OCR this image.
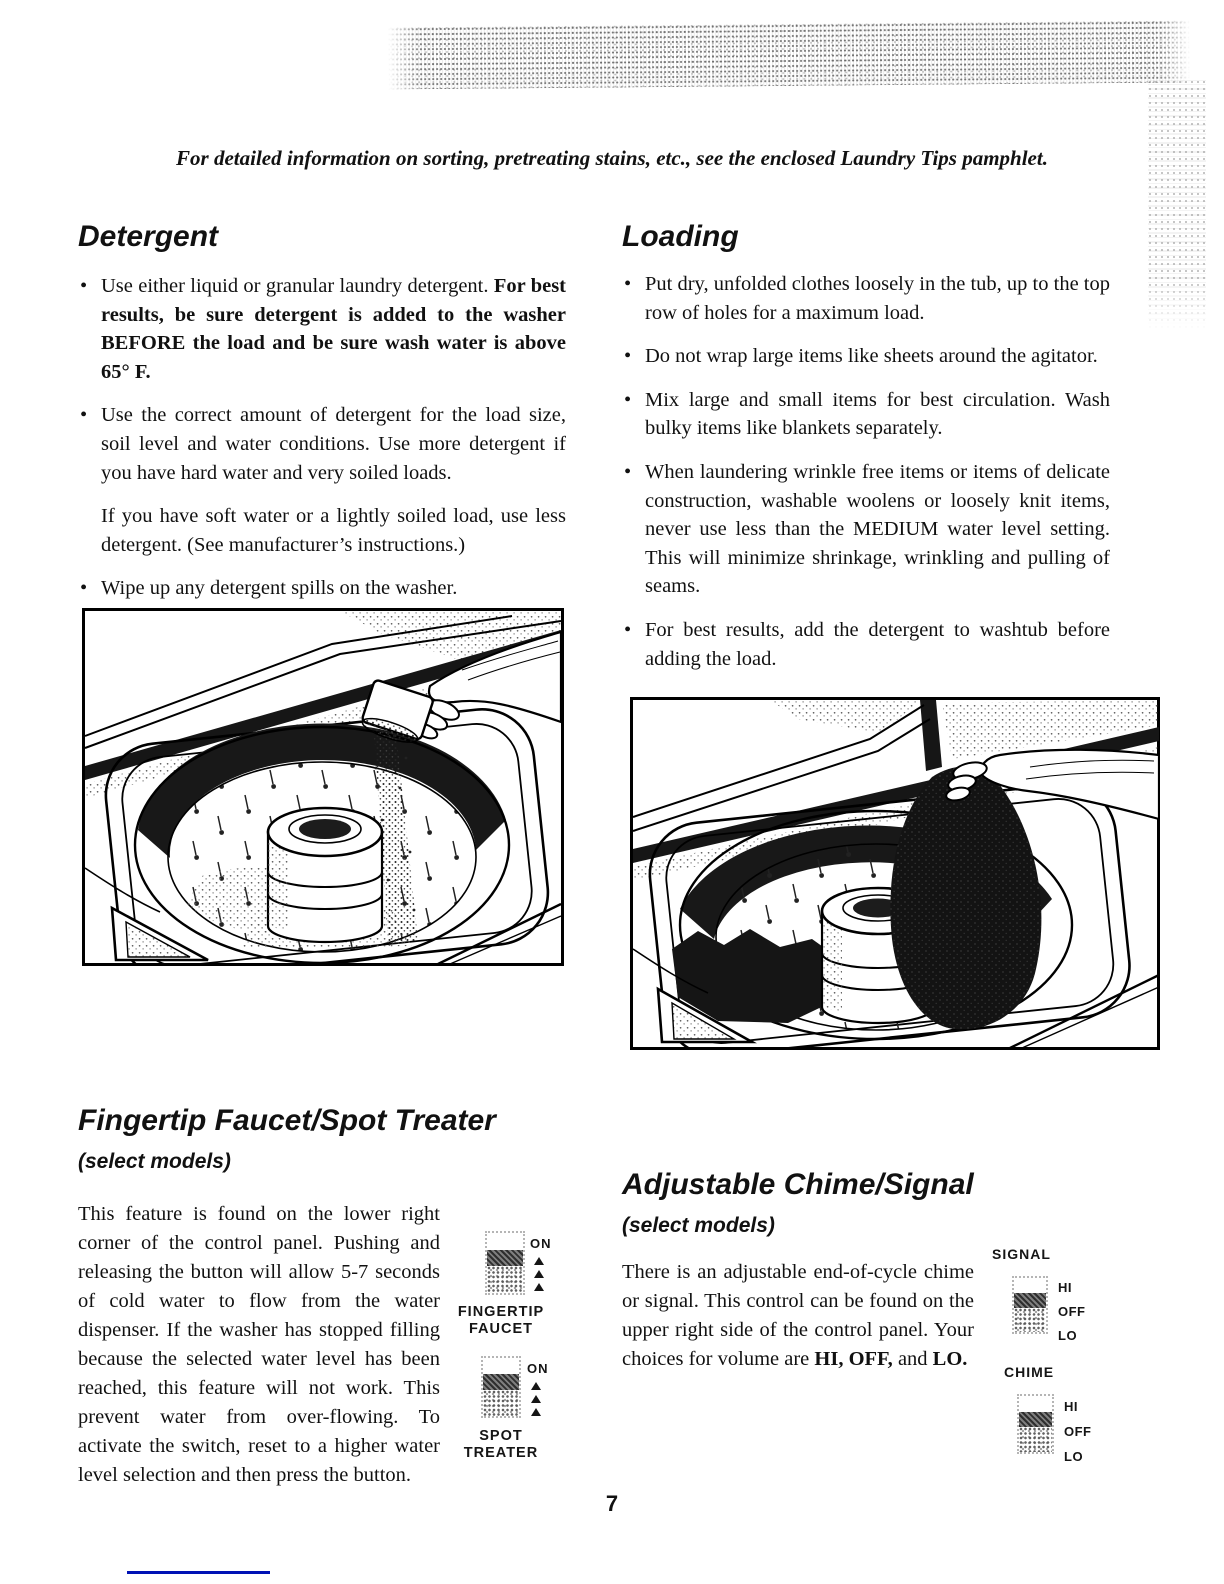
For detailed information on sorting, pretreating stains, etc., see the enclosed Laundry Tips pamphlet.
Detergent	Loading
• Use either liquid or granular laundry detergent. For best results, be sure detergent is added to the washer BEFORE the load and be sure wash water is above 65° F.
• Use the correct amount of detergent for the load size, soil level and water conditions. Use more detergent if you have hard water and very soiled loads.
If you have soft water or a lightly soiled load, use less detergent. (See manufacturer’s instructions.)
• Wipe up any detergent spills on the washer.
• Put dry, unfolded clothes loosely in the tub, up to the top row of holes for a maximum load.
• Do not wrap large items like sheets around the agitator.
• Mix large and small items for best circulation. Wash bulky items like blankets separately.
• When laundering wrinkle free items or items of delicate construction, washable woolens or loosely knit items, never use less than the MEDIUM water level setting. This will minimize shrinkage, wrinkling and pulling of seams.
• For best results, add the detergent to washtub before adding the load.
Fingertip Faucet/Spot Treater

(select models)

This feature is found on the lower right corner of the control panel. Pushing and releasing the button will allow 5-7 seconds of cold water to flow from the water dispenser. If the washer has stopped filling because the selected water level has been reached, this feature will not work. This prevent water from over-flowing. To activate the switch, reset to a higher water level selection and then press the button.
ON
FINGERTIP
FAUCET
ON
SPOT
TREATER
Adjustable Chime/Signal

(select models)

There is an adjustable end-of-cycle chime or signal. This control can be found on the upper right side of the control panel. Your choices for volume are HI, OFF, and LO.
SIGNAL
HI
OFF
LO
CHIME
HI
OFF
LO
7
